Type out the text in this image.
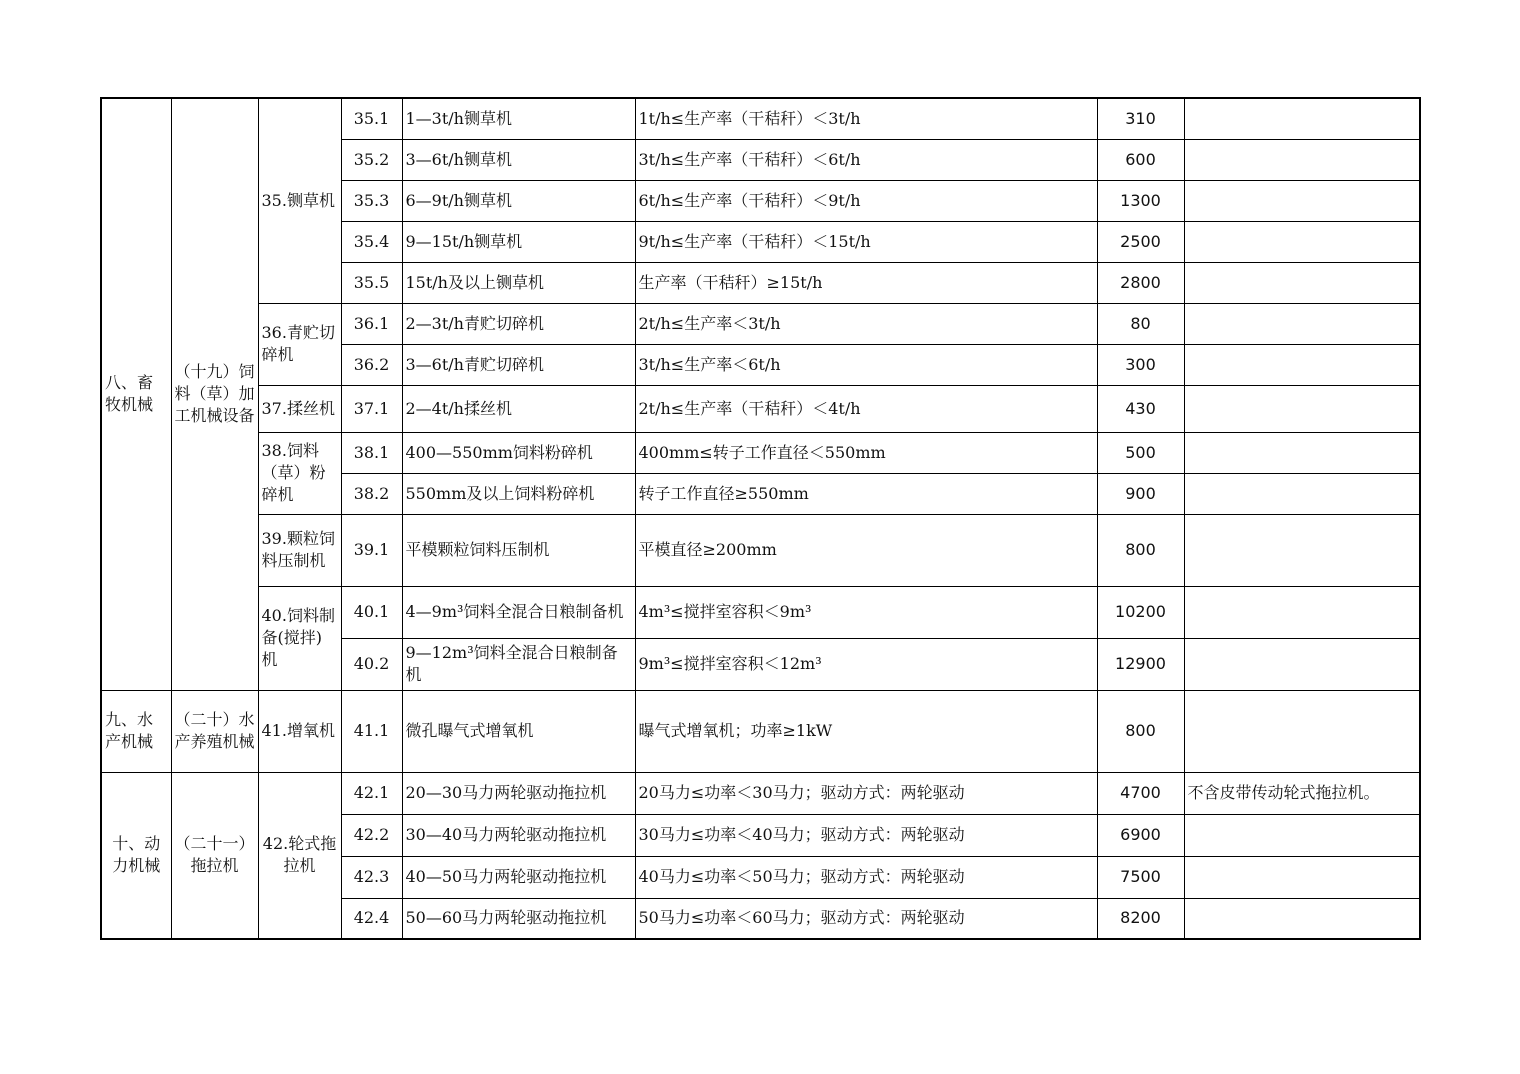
八、畜牧机械	（十九）饲料（草）加工机械设备	35.铡草机	35.1	1—3t/h铡草机	1t/h≤生产率（干秸秆）＜3t/h	310	
			35.2	3—6t/h铡草机	3t/h≤生产率（干秸秆）＜6t/h	600	
			35.3	6—9t/h铡草机	6t/h≤生产率（干秸秆）＜9t/h	1300	
			35.4	9—15t/h铡草机	9t/h≤生产率（干秸秆）＜15t/h	2500	
			35.5	15t/h及以上铡草机	生产率（干秸秆）≥15t/h	2800	
		36.青贮切碎机	36.1	2—3t/h青贮切碎机	2t/h≤生产率＜3t/h	80	
			36.2	3—6t/h青贮切碎机	3t/h≤生产率＜6t/h	300	
		37.揉丝机	37.1	2—4t/h揉丝机	2t/h≤生产率（干秸秆）＜4t/h	430	
		38.饲料（草）粉碎机	38.1	400—550mm饲料粉碎机	400mm≤转子工作直径＜550mm	500	
			38.2	550mm及以上饲料粉碎机	转子工作直径≥550mm	900	
		39.颗粒饲料压制机	39.1	平模颗粒饲料压制机	平模直径≥200mm	800	
		40.饲料制备(搅拌)机	40.1	4—9m³饲料全混合日粮制备机	4m³≤搅拌室容积＜9m³	10200	
			40.2	9—12m³饲料全混合日粮制备机	9m³≤搅拌室容积＜12m³	12900	
九、水产机械	（二十）水产养殖机械	41.增氧机	41.1	微孔曝气式增氧机	曝气式增氧机；功率≥1kW	800	
十、动力机械	（二十一）拖拉机	42.轮式拖拉机	42.1	20—30马力两轮驱动拖拉机	20马力≤功率＜30马力；驱动方式：两轮驱动	4700	不含皮带传动轮式拖拉机。
			42.2	30—40马力两轮驱动拖拉机	30马力≤功率＜40马力；驱动方式：两轮驱动	6900	
			42.3	40—50马力两轮驱动拖拉机	40马力≤功率＜50马力；驱动方式：两轮驱动	7500	
			42.4	50—60马力两轮驱动拖拉机	50马力≤功率＜60马力；驱动方式：两轮驱动	8200	
